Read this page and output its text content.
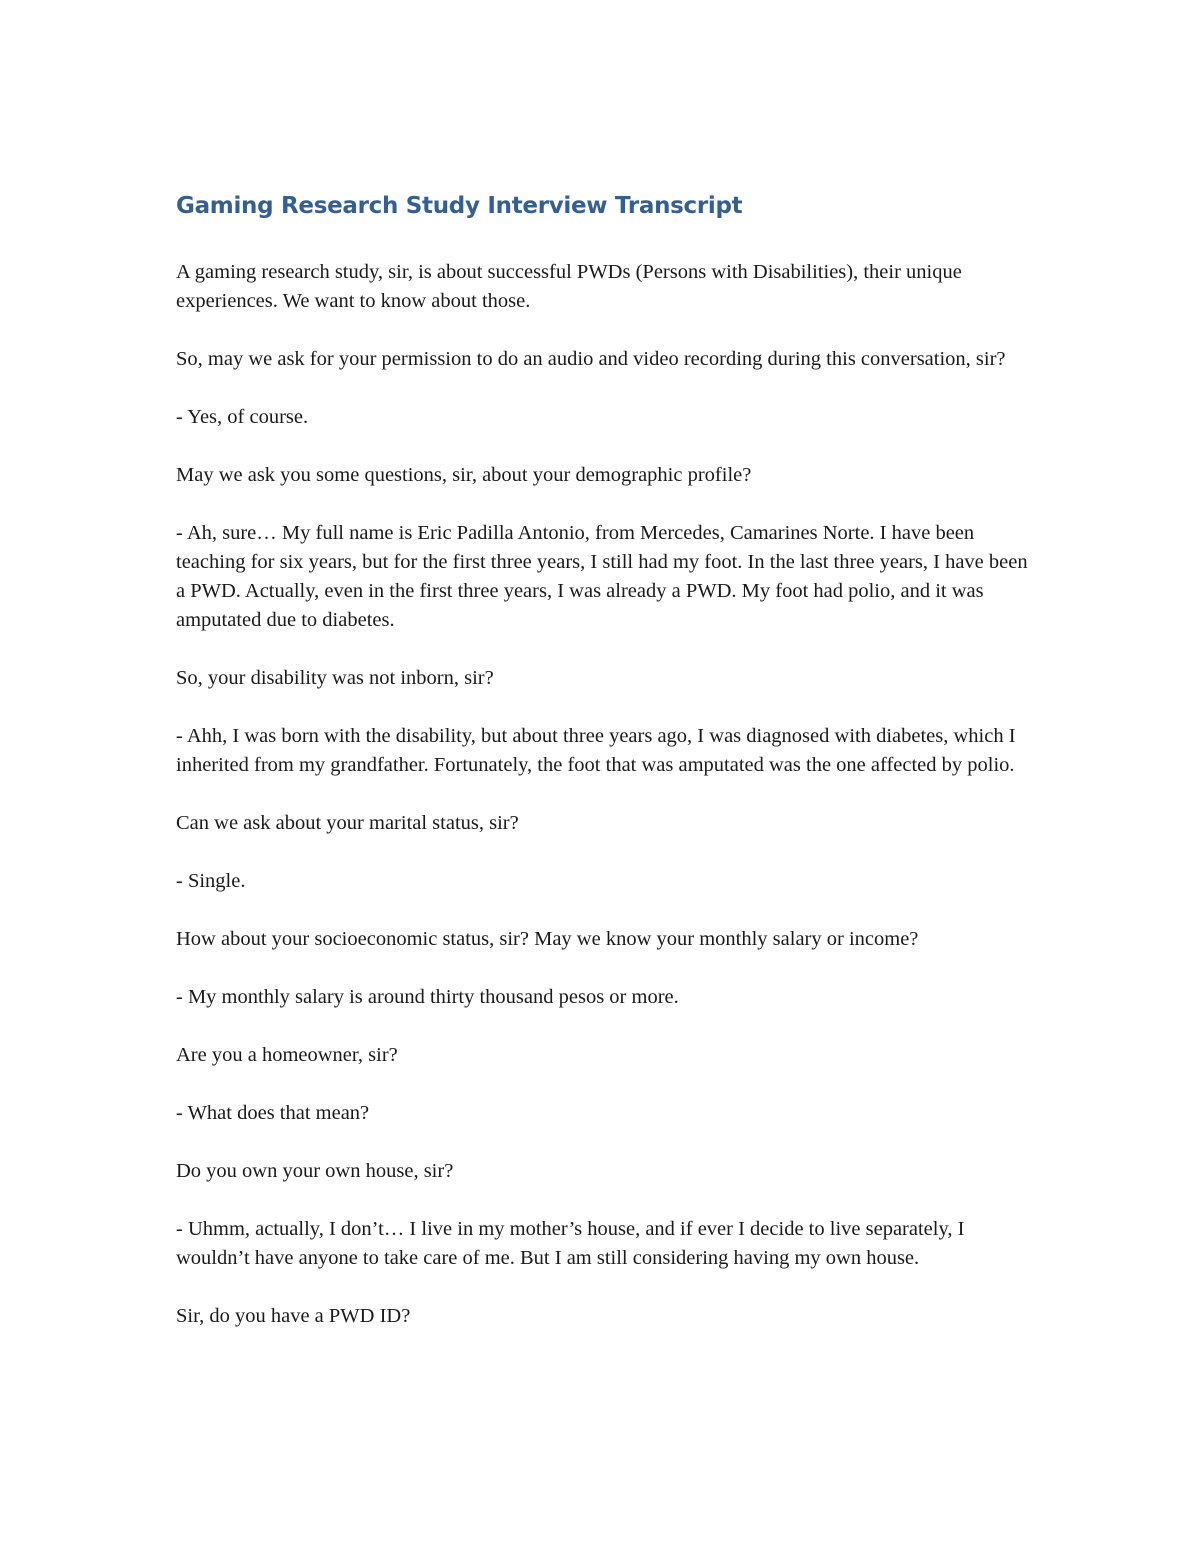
Gaming Research Study Interview Transcript

A gaming research study, sir, is about successful PWDs (Persons with Disabilities), their unique experiences. We want to know about those.

So, may we ask for your permission to do an audio and video recording during this conversation, sir?

- Yes, of course.

May we ask you some questions, sir, about your demographic profile?

- Ah, sure… My full name is Eric Padilla Antonio, from Mercedes, Camarines Norte. I have been teaching for six years, but for the first three years, I still had my foot. In the last three years, I have been a PWD. Actually, even in the first three years, I was already a PWD. My foot had polio, and it was amputated due to diabetes.

So, your disability was not inborn, sir?

- Ahh, I was born with the disability, but about three years ago, I was diagnosed with diabetes, which I inherited from my grandfather. Fortunately, the foot that was amputated was the one affected by polio.

Can we ask about your marital status, sir?

- Single.

How about your socioeconomic status, sir? May we know your monthly salary or income?

- My monthly salary is around thirty thousand pesos or more.

Are you a homeowner, sir?

- What does that mean?

Do you own your own house, sir?

- Uhmm, actually, I don’t… I live in my mother’s house, and if ever I decide to live separately, I wouldn’t have anyone to take care of me. But I am still considering having my own house.

Sir, do you have a PWD ID?
